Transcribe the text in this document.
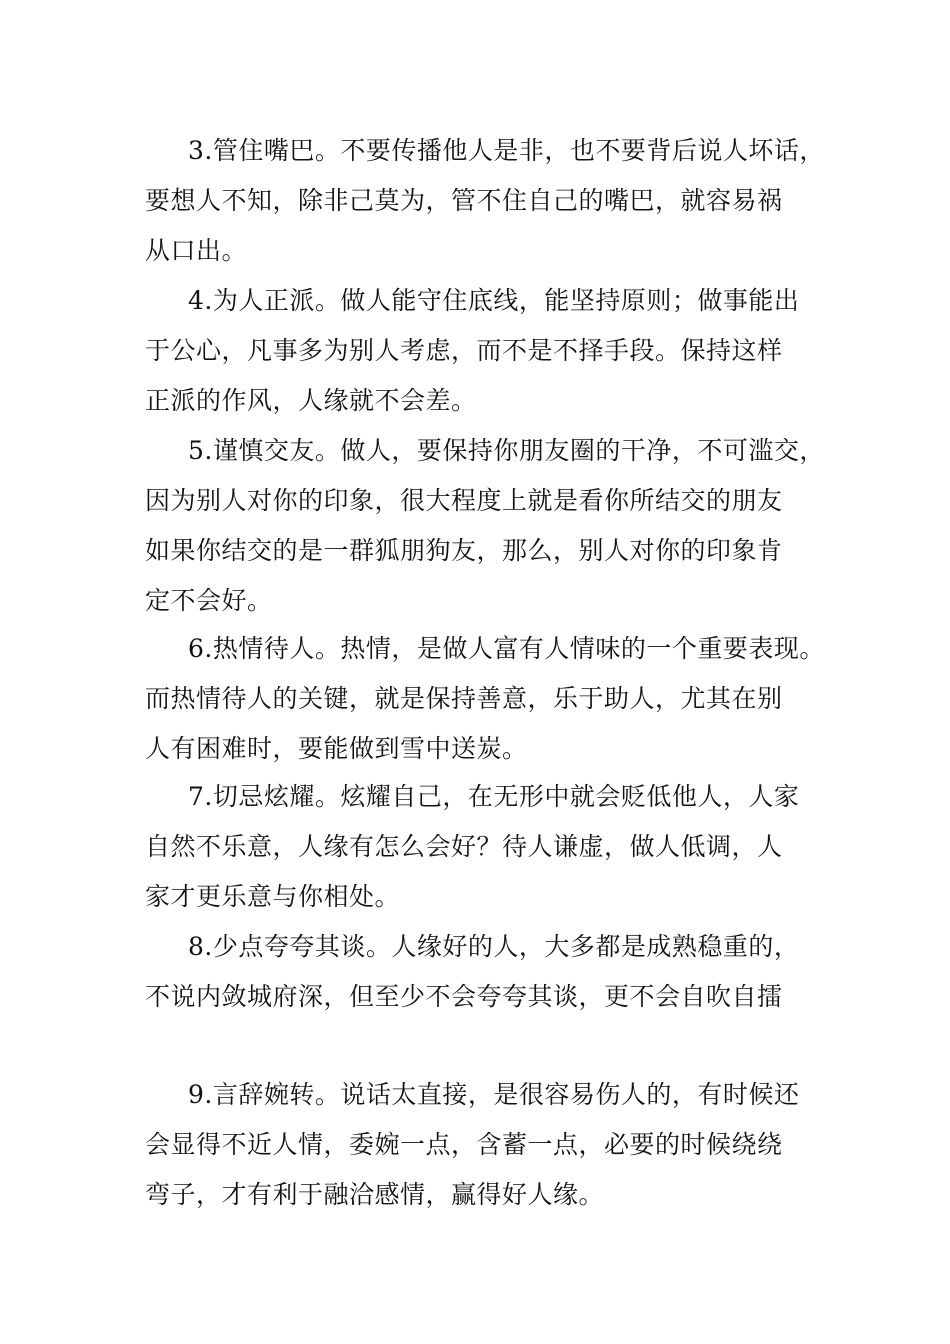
3.管住嘴巴。不要传播他人是非，也不要背后说人坏话，
要想人不知，除非己莫为，管不住自己的嘴巴，就容易祸
从口出。
4.为人正派。做人能守住底线，能坚持原则；做事能出
于公心，凡事多为别人考虑，而不是不择手段。保持这样
正派的作风，人缘就不会差。
5.谨慎交友。做人，要保持你朋友圈的干净，不可滥交，
因为别人对你的印象，很大程度上就是看你所结交的朋友
如果你结交的是一群狐朋狗友，那么，别人对你的印象肯
定不会好。
6.热情待人。热情，是做人富有人情味的一个重要表现。
而热情待人的关键，就是保持善意，乐于助人，尤其在别
人有困难时，要能做到雪中送炭。
7.切忌炫耀。炫耀自己，在无形中就会贬低他人，人家
自然不乐意，人缘有怎么会好？待人谦虚，做人低调，人
家才更乐意与你相处。
8.少点夸夸其谈。人缘好的人，大多都是成熟稳重的，
不说内敛城府深，但至少不会夸夸其谈，更不会自吹自擂
9.言辞婉转。说话太直接，是很容易伤人的，有时候还
会显得不近人情，委婉一点，含蓄一点，必要的时候绕绕
弯子，才有利于融洽感情，赢得好人缘。
